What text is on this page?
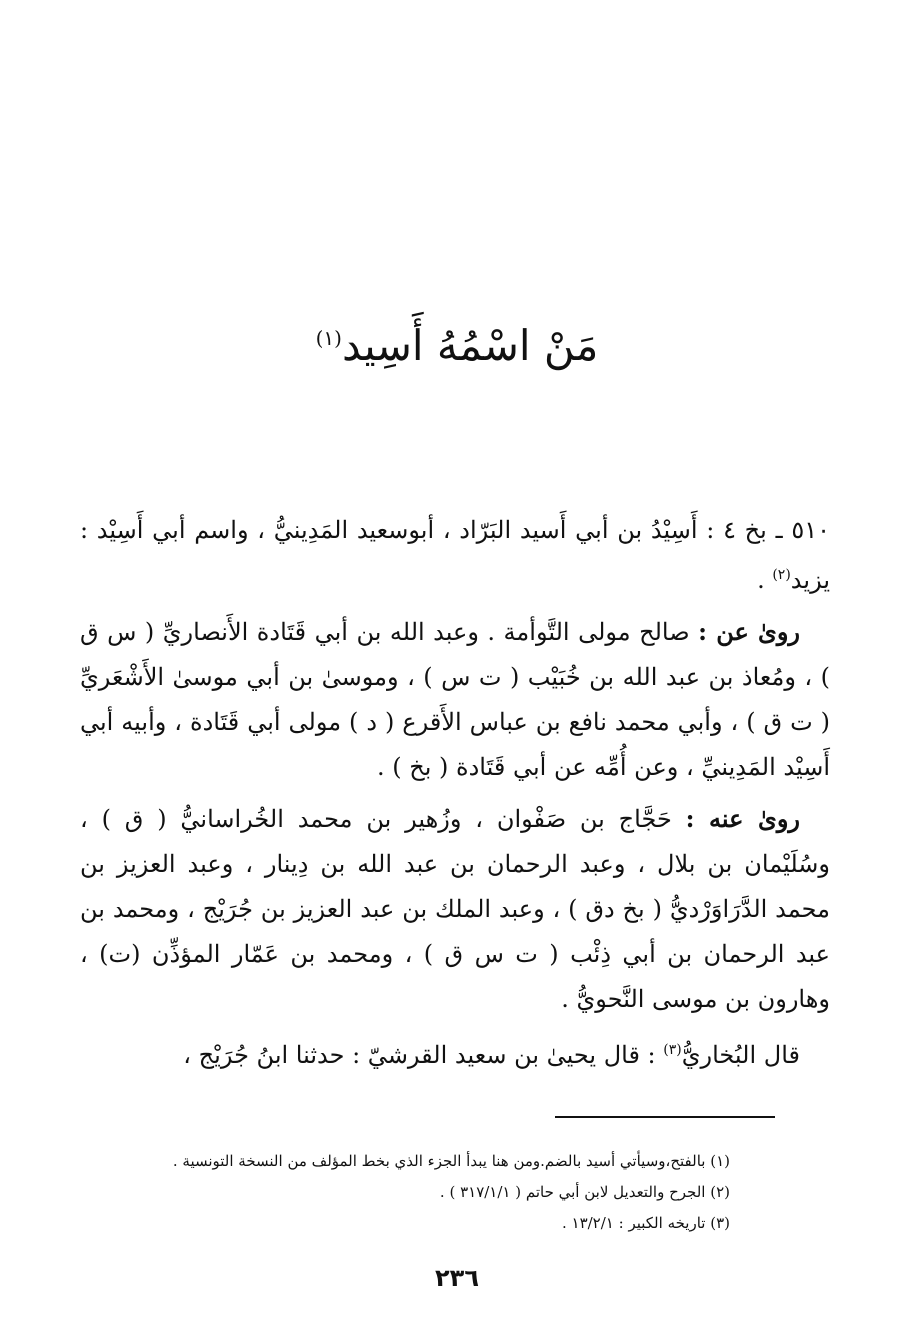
مَنْ اسْمُهُ أَسِيد$^{(١)}$

٥١٠ ـ بخ ٤ : أَسِيْدُ بن أبي أَسيد البَرّاد ، أبوسعيد المَدِينيُّ ، واسم أبي أَسِيْد : يزيد$^{(٢)}$ .

رویٰ عن : صالح مولى التَّوأمة . وعبد الله بن أبي قَتَادة الأَنصاريِّ ( س ق ) ، ومُعاذ بن عبد الله بن خُبَيْب ( ت س ) ، وموسىٰ بن أبي موسىٰ الأَشْعَريِّ ( ت ق ) ، وأبي محمد نافع بن عباس الأَقرع ( د ) مولى أبي قَتَادة ، وأبيه أبي أَسِيْد المَدِينيِّ ، وعن أُمِّه عن أبي قَتَادة ( بخ ) .

رویٰ عنه : حَجَّاج بن صَفْوان ، وزُهير بن محمد الخُراسانيُّ ( ق ) ، وسُلَيْمان بن بلال ، وعبد الرحمان بن عبد الله بن دِينار ، وعبد العزيز بن محمد الدَّرَاوَرْديُّ ( بخ دق ) ، وعبد الملك بن عبد العزيز بن جُرَيْج ، ومحمد بن عبد الرحمان بن أبي ذِئْب ( ت س ق ) ، ومحمد بن عَمّار المؤذِّن (ت) ، وهارون بن موسى النَّحويُّ .

قال البُخاريُّ$^{(٣)}$ : قال يحيىٰ بن سعيد القرشيّ : حدثنا ابنُ جُرَيْج ،

(١) بالفتح،وسيأتي أسيد بالضم.ومن هنا يبدأ الجزء الذي بخط المؤلف من النسخة التونسية .

(٢) الجرح والتعديل لابن أبي حاتم ( ٣١٧/١/١ ) .

(٣) تاريخه الكبير : ١٣/٢/١ .

٢٣٦
